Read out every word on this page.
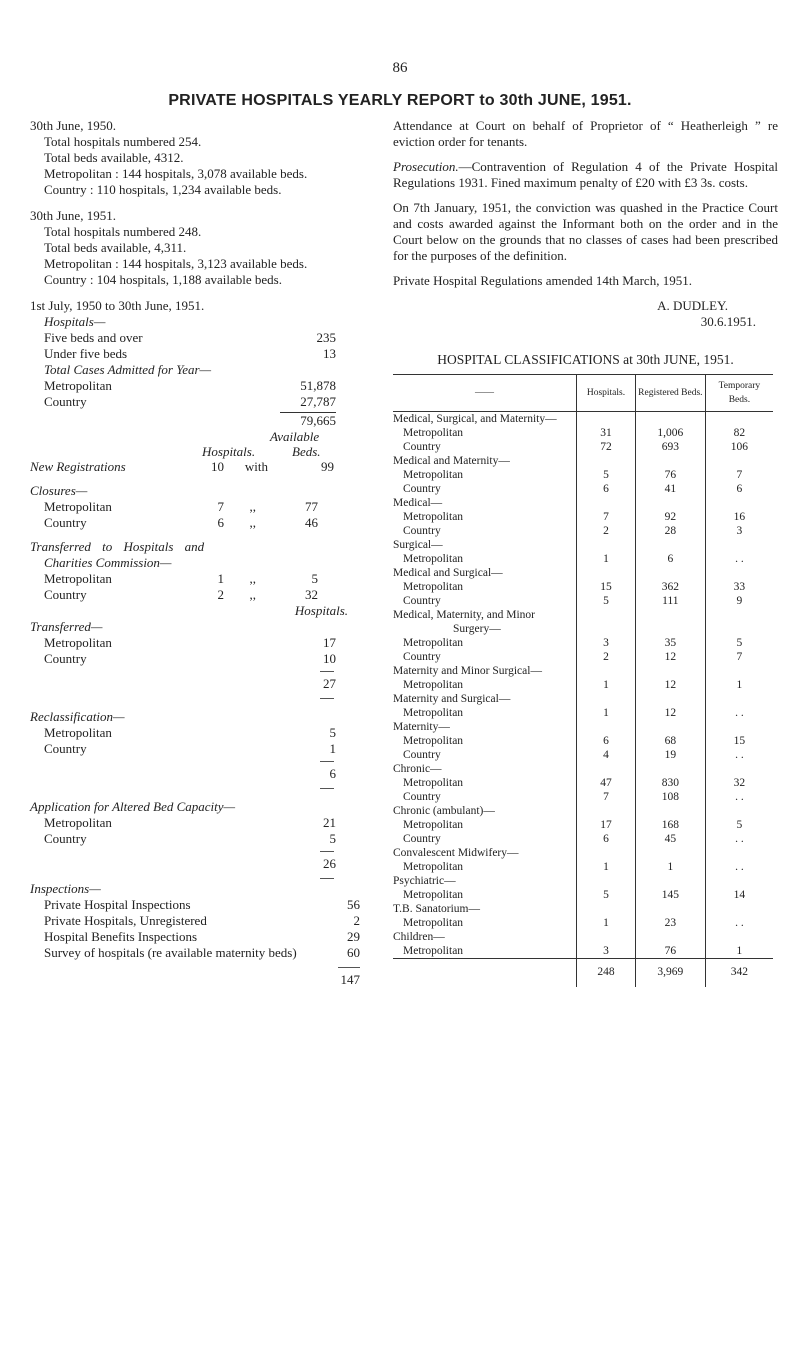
86
PRIVATE HOSPITALS YEARLY REPORT to 30th JUNE, 1951.

30th June, 1950.

Total hospitals numbered 254.

Total beds available, 4312.

Metropolitan : 144 hospitals, 3,078 available beds.

Country : 110 hospitals, 1,234 available beds.

30th June, 1951.

Total hospitals numbered 248.

Total beds available, 4,311.

Metropolitan : 144 hospitals, 3,123 available beds.

Country : 104 hospitals, 1,188 available beds.

1st July, 1950 to 30th June, 1951.

Hospitals—

Five beds and over	235
Under five beds	13

Total Cases Admitted for Year—

Metropolitan	51,878
Country	27,787
79,665
Available
Hospitals.	Beds.
New Registrations	10	with	99

Closures—

Metropolitan	7	,,	77
Country	6	,,	46

Transferred to Hospitals and

Charities Commission—

Metropolitan	1	,,	5
Country	2	,,	32
Hospitals.

Transferred—

Metropolitan	17
Country	10
27

Reclassification—

Metropolitan	5
Country	1
6

Application for Altered Bed Capacity—

Metropolitan	21
Country	5
26

Inspections—

Private Hospital Inspections	56
Private Hospitals, Unregistered	2
Hospital Benefits Inspections	29
Survey of hospitals (re available maternity beds)	60
147

Attendance at Court on behalf of Proprietor of “ Heatherleigh ” re eviction order for tenants.

Prosecution.—Contravention of Regulation 4 of the Private Hospital Regulations 1931. Fined maximum penalty of £20 with £3 3s. costs.

On 7th January, 1951, the conviction was quashed in the Practice Court and costs awarded against the Informant both on the order and in the Court below on the grounds that no classes of cases had been prescribed for the purposes of the definition.

Private Hospital Regulations amended 14th March, 1951.

A. DUDLEY.

30.6.1951.

HOSPITAL CLASSIFICATIONS at 30th JUNE, 1951.

——	Hospitals.	Registered Beds.	Temporary Beds.
Medical, Surgical, and Maternity—			
Metropolitan	31	1,006	82
Country	72	693	106
Medical and Maternity—			
Metropolitan	5	76	7
Country	6	41	6
Medical—			
Metropolitan	7	92	16
Country	2	28	3
Surgical—			
Metropolitan	1	6	. .
Medical and Surgical—			
Metropolitan	15	362	33
Country	5	111	9
Medical, Maternity, and Minor			
Surgery—			
Metropolitan	3	35	5
Country	2	12	7
Maternity and Minor Surgical—			
Metropolitan	1	12	1
Maternity and Surgical—			
Metropolitan	1	12	. .
Maternity—			
Metropolitan	6	68	15
Country	4	19	. .
Chronic—			
Metropolitan	47	830	32
Country	7	108	. .
Chronic (ambulant)—			
Metropolitan	17	168	5
Country	6	45	. .
Convalescent Midwifery—			
Metropolitan	1	1	. .
Psychiatric—			
Metropolitan	5	145	14
T.B. Sanatorium—			
Metropolitan	1	23	. .
Children—			
Metropolitan	3	76	1
	248	3,969	342
